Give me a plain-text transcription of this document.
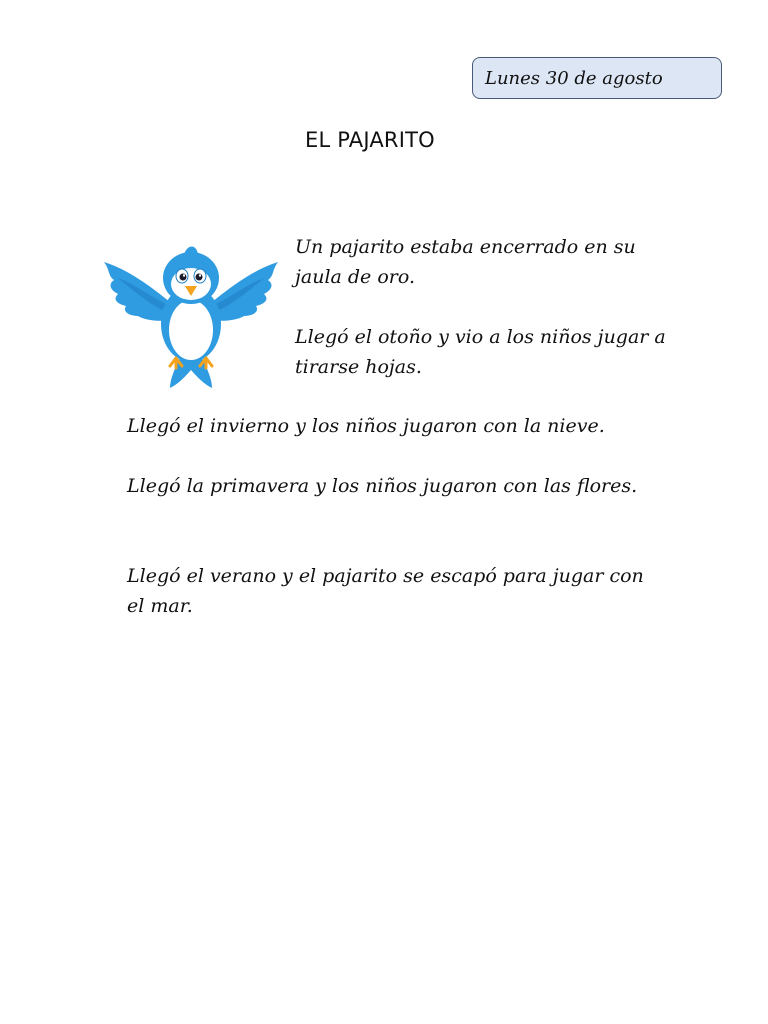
Lunes 30 de agosto
EL PAJARITO

Un pajarito estaba encerrado en su jaula de oro.

Llegó el otoño y vio a los niños jugar a tirarse hojas.

Llegó el invierno y los niños jugaron con la nieve.

Llegó la primavera y los niños jugaron con las flores.

Llegó el verano y el pajarito se escapó para jugar con el mar.
